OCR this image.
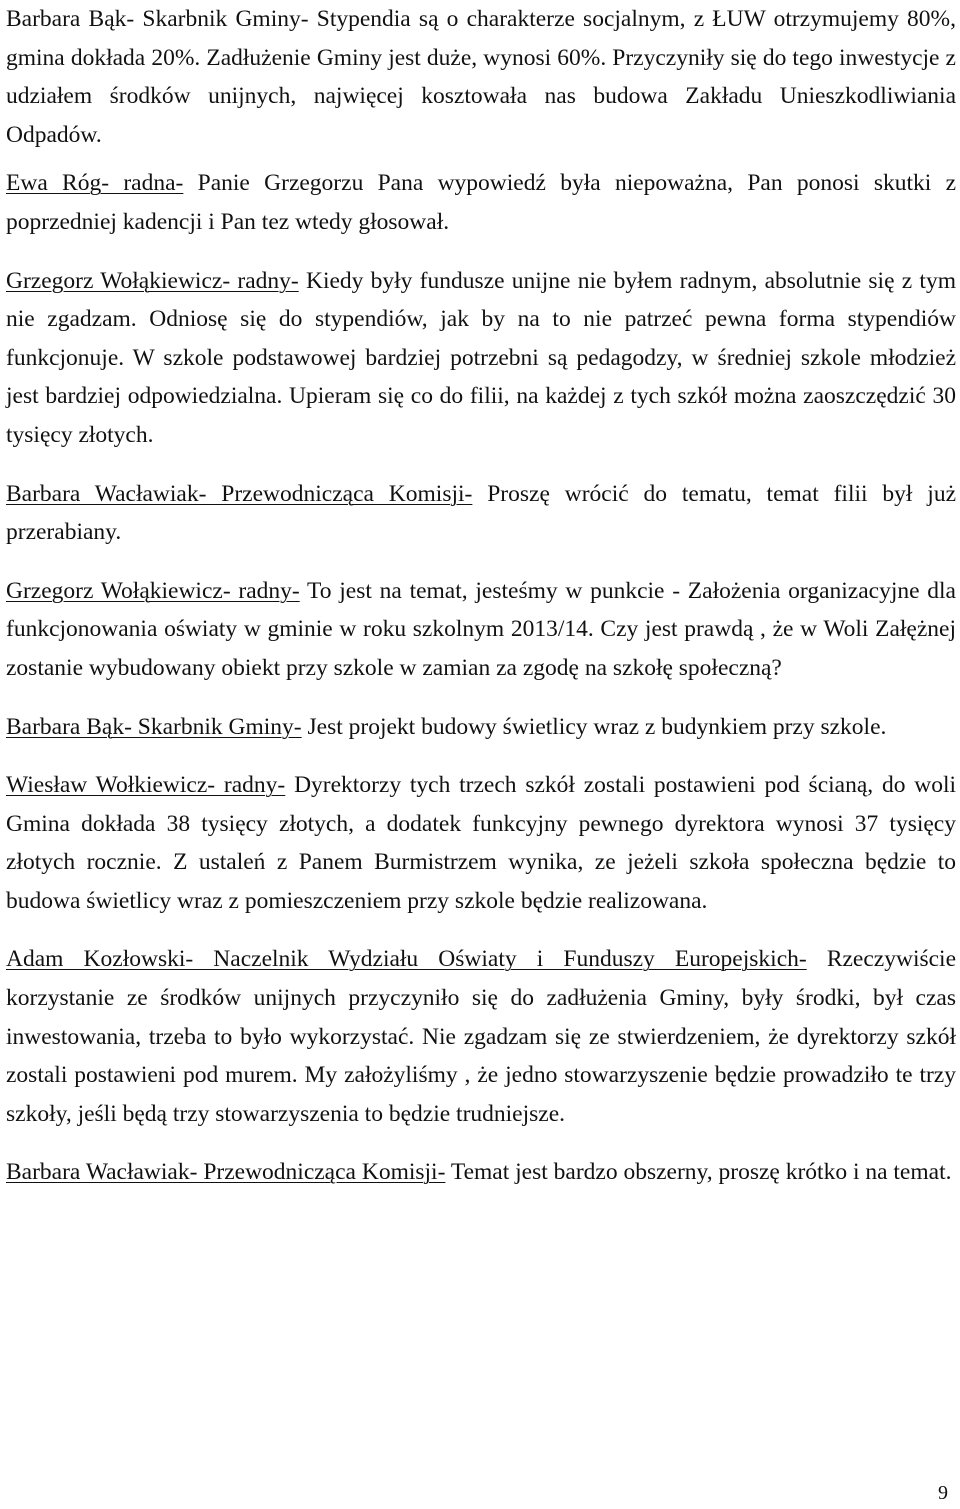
Barbara Bąk- Skarbnik Gminy- Stypendia są o charakterze socjalnym, z ŁUW otrzymujemy 80%, gmina dokłada 20%. Zadłużenie Gminy jest duże, wynosi 60%. Przyczyniły się do tego inwestycje z udziałem środków unijnych, najwięcej kosztowała nas budowa Zakładu Unieszkodliwiania Odpadów.

Ewa Róg- radna- Panie Grzegorzu Pana wypowiedź była niepoważna, Pan ponosi skutki z poprzedniej kadencji i Pan tez wtedy głosował.

Grzegorz Wołąkiewicz- radny- Kiedy były fundusze unijne nie byłem radnym, absolutnie się z tym nie zgadzam. Odniosę się do stypendiów, jak by na to nie patrzeć pewna forma stypendiów funkcjonuje. W szkole podstawowej bardziej potrzebni są pedagodzy, w średniej szkole młodzież jest bardziej odpowiedzialna. Upieram się co do filii, na każdej z tych szkół można zaoszczędzić 30 tysięcy złotych.

Barbara Wacławiak- Przewodnicząca Komisji- Proszę wrócić do tematu, temat filii był już przerabiany.

Grzegorz Wołąkiewicz- radny- To jest na temat, jesteśmy w punkcie - Założenia organizacyjne dla funkcjonowania oświaty w gminie w roku szkolnym 2013/14. Czy jest prawdą , że w Woli Załężnej zostanie wybudowany obiekt przy szkole w zamian za zgodę na szkołę społeczną?

Barbara Bąk- Skarbnik Gminy- Jest projekt budowy świetlicy wraz z budynkiem przy szkole.

Wiesław Wołkiewicz- radny- Dyrektorzy tych trzech szkół zostali postawieni pod ścianą, do woli Gmina dokłada 38 tysięcy złotych, a dodatek funkcyjny pewnego dyrektora wynosi 37 tysięcy złotych rocznie. Z ustaleń z Panem Burmistrzem wynika, ze jeżeli szkoła społeczna będzie to budowa świetlicy wraz z pomieszczeniem przy szkole będzie realizowana.

Adam Kozłowski- Naczelnik Wydziału Oświaty i Funduszy Europejskich- Rzeczywiście korzystanie ze środków unijnych przyczyniło się do zadłużenia Gminy, były środki, był czas inwestowania, trzeba to było wykorzystać. Nie zgadzam się ze stwierdzeniem, że dyrektorzy szkół zostali postawieni pod murem. My założyliśmy , że jedno stowarzyszenie będzie prowadziło te trzy szkoły, jeśli będą trzy stowarzyszenia to będzie trudniejsze.

Barbara Wacławiak- Przewodnicząca Komisji- Temat jest bardzo obszerny, proszę krótko i na temat.

9
